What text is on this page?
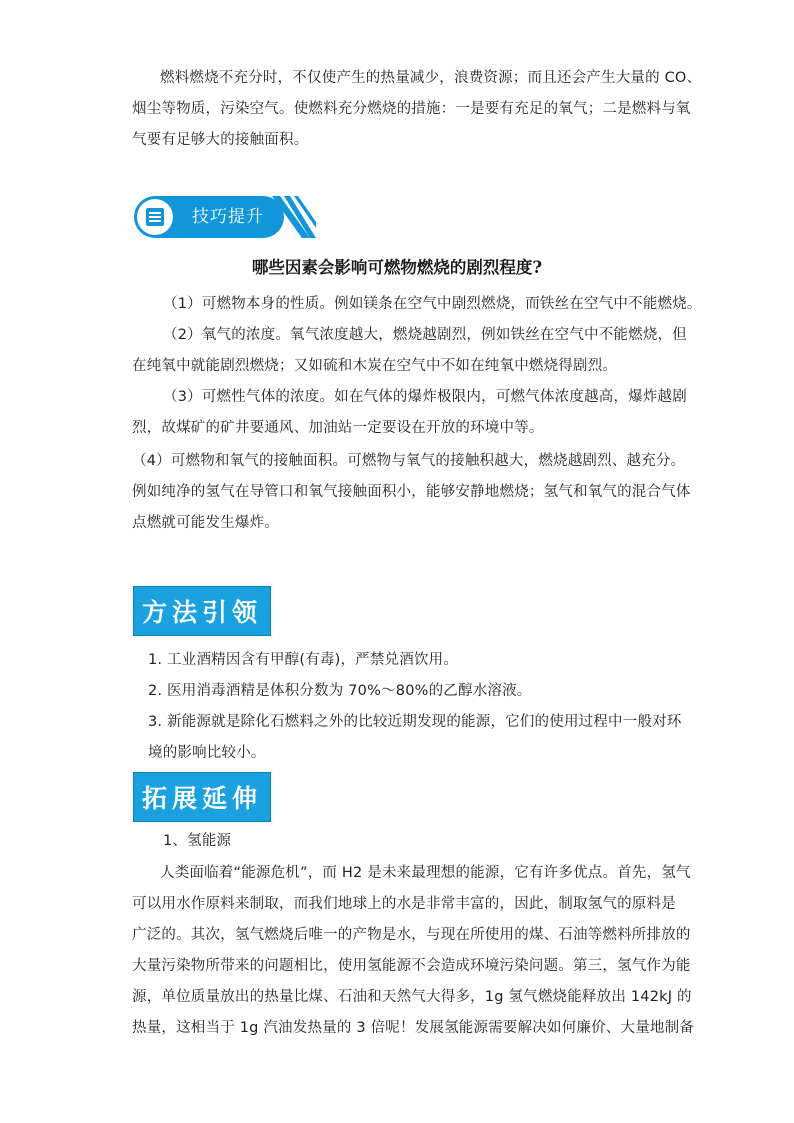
燃料燃烧不充分时，不仅使产生的热量减少，浪费资源；而且还会产生大量的 CO、

烟尘等物质，污染空气。使燃料充分燃烧的措施：一是要有充足的氧气；二是燃料与氧

气要有足够大的接触面积。

技巧提升
哪些因素会影响可燃物燃烧的剧烈程度?

（1）可燃物本身的性质。例如镁条在空气中剧烈燃烧，而铁丝在空气中不能燃烧。

（2）氧气的浓度。氧气浓度越大，燃烧越剧烈，例如铁丝在空气中不能燃烧，但

在纯氧中就能剧烈燃烧；又如硫和木炭在空气中不如在纯氧中燃烧得剧烈。

（3）可燃性气体的浓度。如在气体的爆炸极限内，可燃气体浓度越高，爆炸越剧

烈，故煤矿的矿井要通风、加油站一定要设在开放的环境中等。

（4）可燃物和氧气的接触面积。可燃物与氧气的接触积越大，燃烧越剧烈、越充分。

例如纯净的氢气在导管口和氧气接触面积小，能够安静地燃烧；氢气和氧气的混合气体

点燃就可能发生爆炸。

方法引领

1. 工业酒精因含有甲醇(有毒)，严禁兑酒饮用。

2. 医用消毒酒精是体积分数为 70%～80%的乙醇水溶液。

3. 新能源就是除化石燃料之外的比较近期发现的能源，它们的使用过程中一般对环

境的影响比较小。

拓展延伸

1、氢能源

人类面临着“能源危机”，而 H2 是未来最理想的能源，它有许多优点。首先，氢气

可以用水作原料来制取，而我们地球上的水是非常丰富的，因此，制取氢气的原料是

广泛的。其次，氢气燃烧后唯一的产物是水，与现在所使用的煤、石油等燃料所排放的

大量污染物所带来的问题相比，使用氢能源不会造成环境污染问题。第三，氢气作为能

源，单位质量放出的热量比煤、石油和天然气大得多，1g 氢气燃烧能释放出 142kJ 的

热量，这相当于 1g 汽油发热量的 3 倍呢！发展氢能源需要解决如何廉价、大量地制备
